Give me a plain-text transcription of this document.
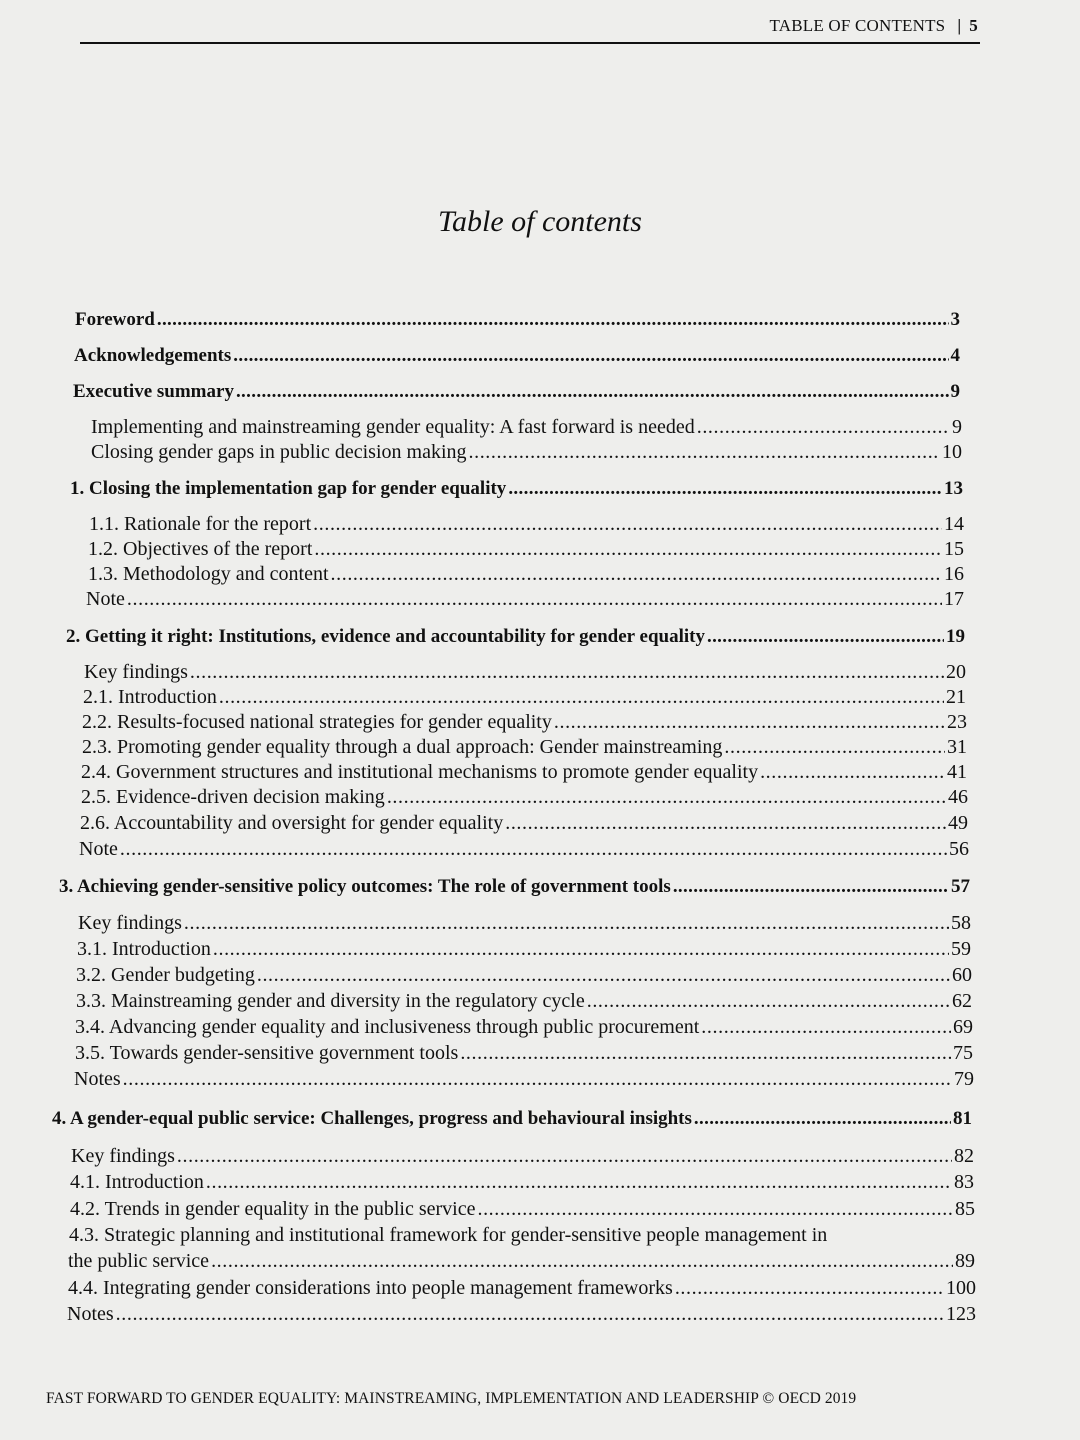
TABLE OF CONTENTS | 5
Table of contents
Foreword . . .	3
Acknowledgements . . .	4
Executive summary . . .	9
Implementing and mainstreaming gender equality: A fast forward is needed . . .	9
Closing gender gaps in public decision making . . .	10
1. Closing the implementation gap for gender equality . . .	13
1.1. Rationale for the report . . .	14
1.2. Objectives of the report . . .	15
1.3. Methodology and content . . .	16
Note . . .	17
2. Getting it right: Institutions, evidence and accountability for gender equality . . .	19
Key findings . . .	20
2.1. Introduction . . .	21
2.2. Results-focused national strategies for gender equality . . .	23
2.3. Promoting gender equality through a dual approach: Gender mainstreaming . . .	31
2.4. Government structures and institutional mechanisms to promote gender equality . . .	41
2.5. Evidence-driven decision making . . .	46
2.6. Accountability and oversight for gender equality . . .	49
Note . . .	56
3. Achieving gender-sensitive policy outcomes: The role of government tools . . .	57
Key findings . . .	58
3.1. Introduction . . .	59
3.2. Gender budgeting . . .	60
3.3. Mainstreaming gender and diversity in the regulatory cycle . . .	62
3.4. Advancing gender equality and inclusiveness through public procurement . . .	69
3.5. Towards gender-sensitive government tools . . .	75
Notes . . .	79
4. A gender-equal public service: Challenges, progress and behavioural insights . . .	81
Key findings . . .	82
4.1. Introduction . . .	83
4.2. Trends in gender equality in the public service . . .	85
4.3. Strategic planning and institutional framework for gender-sensitive people management in
the public service . . .	89
4.4. Integrating gender considerations into people management frameworks . . .	100
Notes . . .	123
FAST FORWARD TO GENDER EQUALITY: MAINSTREAMING, IMPLEMENTATION AND LEADERSHIP © OECD 2019
